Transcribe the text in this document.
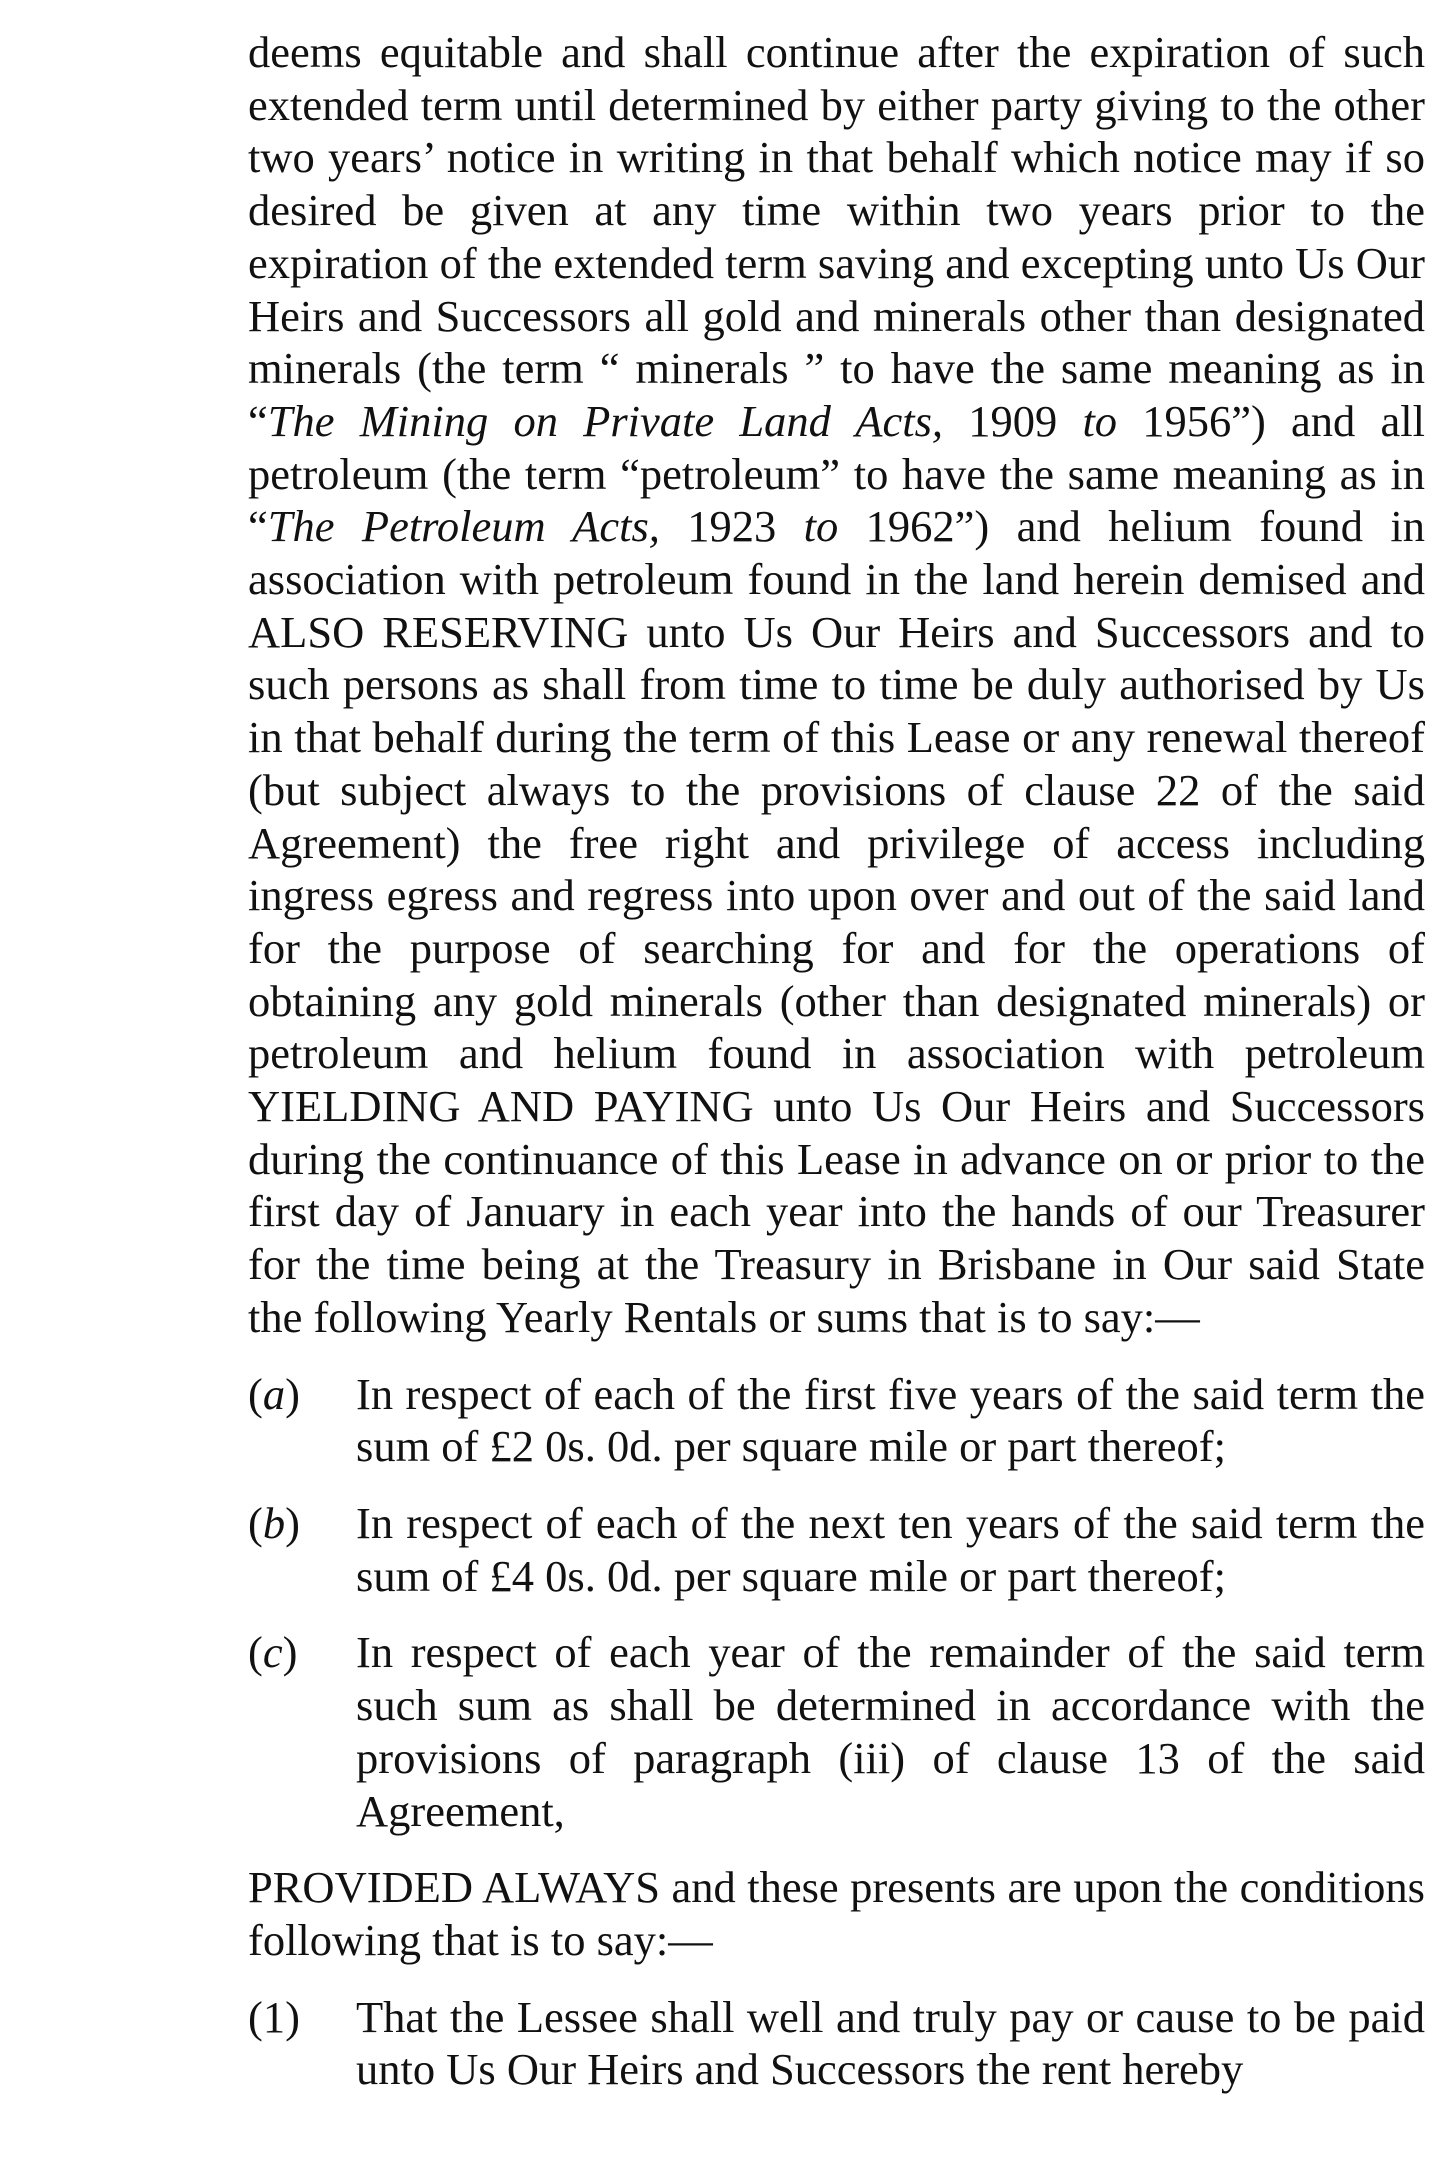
deems equitable and shall continue after the expiration of such extended term until determined by either party giving to the other two years’ notice in writing in that behalf which notice may if so desired be given at any time within two years prior to the expiration of the extended term saving and excepting unto Us Our Heirs and Successors all gold and minerals other than designated minerals (the term “ minerals ” to have the same meaning as in “The Mining on Private Land Acts, 1909 to 1956”) and all petroleum (the term “petroleum” to have the same meaning as in “The Petroleum Acts, 1923 to 1962”) and helium found in association with petroleum found in the land herein demised and ALSO RESERVING unto Us Our Heirs and Successors and to such persons as shall from time to time be duly authorised by Us in that behalf during the term of this Lease or any renewal thereof (but subject always to the provisions of clause 22 of the said Agreement) the free right and privilege of access including ingress egress and regress into upon over and out of the said land for the purpose of searching for and for the operations of obtaining any gold minerals (other than designated minerals) or petroleum and helium found in association with petroleum YIELDING AND PAYING unto Us Our Heirs and Successors during the continuance of this Lease in advance on or prior to the first day of January in each year into the hands of our Treasurer for the time being at the Treasury in Brisbane in Our said State the following Yearly Rentals or sums that is to say:—

(a)	In respect of each of the first five years of the said term the sum of £2 0s. 0d. per square mile or part thereof;
(b)	In respect of each of the next ten years of the said term the sum of £4 0s. 0d. per square mile or part thereof;
(c)	In respect of each year of the remainder of the said term such sum as shall be determined in accordance with the provisions of paragraph (iii) of clause 13 of the said Agreement,

PROVIDED ALWAYS and these presents are upon the conditions following that is to say:—

(1)	That the Lessee shall well and truly pay or cause to be paid unto Us Our Heirs and Successors the rent hereby
